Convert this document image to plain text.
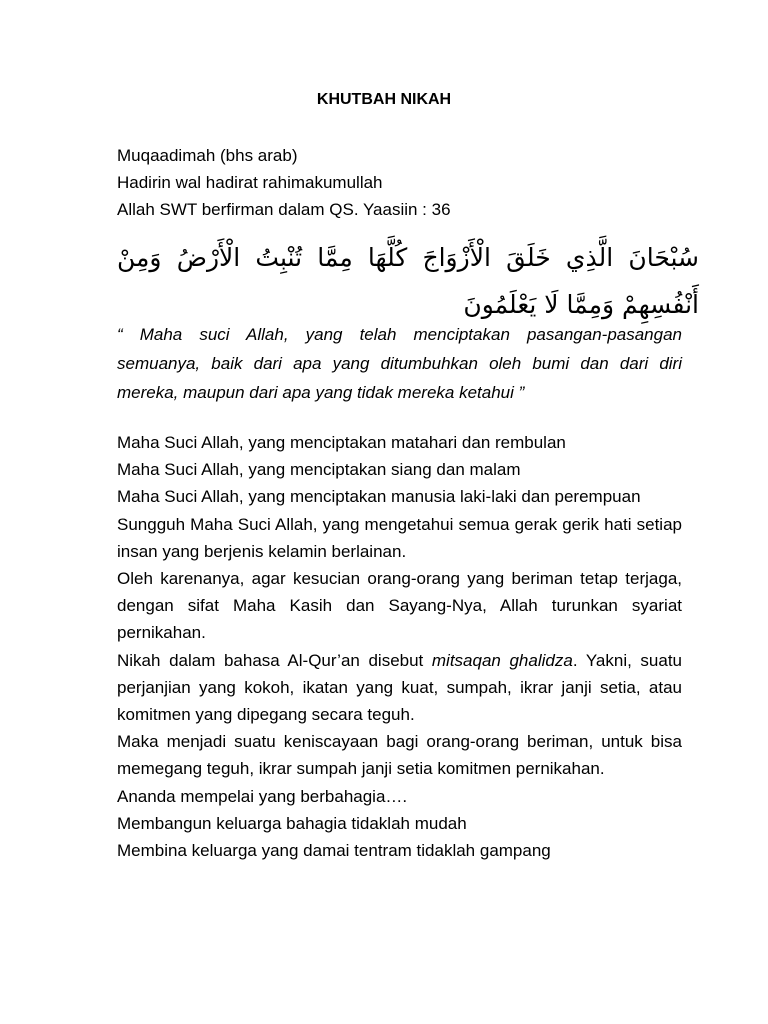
KHUTBAH NIKAH
Muqaadimah (bhs arab)
Hadirin wal hadirat rahimakumullah
Allah SWT berfirman dalam QS. Yaasiin : 36
سُبْحَانَ الَّذِي خَلَقَ الْأَزْوَاجَ كُلَّهَا مِمَّا تُنْبِتُ الْأَرْضُ وَمِنْ أَنْفُسِهِمْ وَمِمَّا لَا يَعْلَمُونَ
“ Maha suci Allah, yang telah menciptakan pasangan-pasangan semuanya, baik dari apa yang ditumbuhkan oleh bumi dan dari diri mereka, maupun dari apa yang tidak mereka ketahui ”

Maha Suci Allah, yang menciptakan matahari dan rembulan

Maha Suci Allah, yang menciptakan siang dan malam

Maha Suci Allah, yang menciptakan manusia laki-laki dan perempuan

Sungguh Maha Suci Allah, yang mengetahui semua gerak gerik hati setiap insan yang berjenis kelamin berlainan.

Oleh karenanya, agar kesucian orang-orang yang beriman tetap terjaga, dengan sifat Maha Kasih dan Sayang-Nya, Allah turunkan syariat pernikahan.

Nikah dalam bahasa Al-Qur’an disebut mitsaqan ghalidza. Yakni, suatu perjanjian yang kokoh, ikatan yang kuat, sumpah, ikrar janji setia, atau komitmen yang dipegang secara teguh.

Maka menjadi suatu keniscayaan bagi orang-orang beriman, untuk bisa memegang teguh, ikrar sumpah janji setia komitmen pernikahan.

Ananda mempelai yang berbahagia….

Membangun keluarga bahagia tidaklah mudah

Membina keluarga yang damai tentram tidaklah gampang
